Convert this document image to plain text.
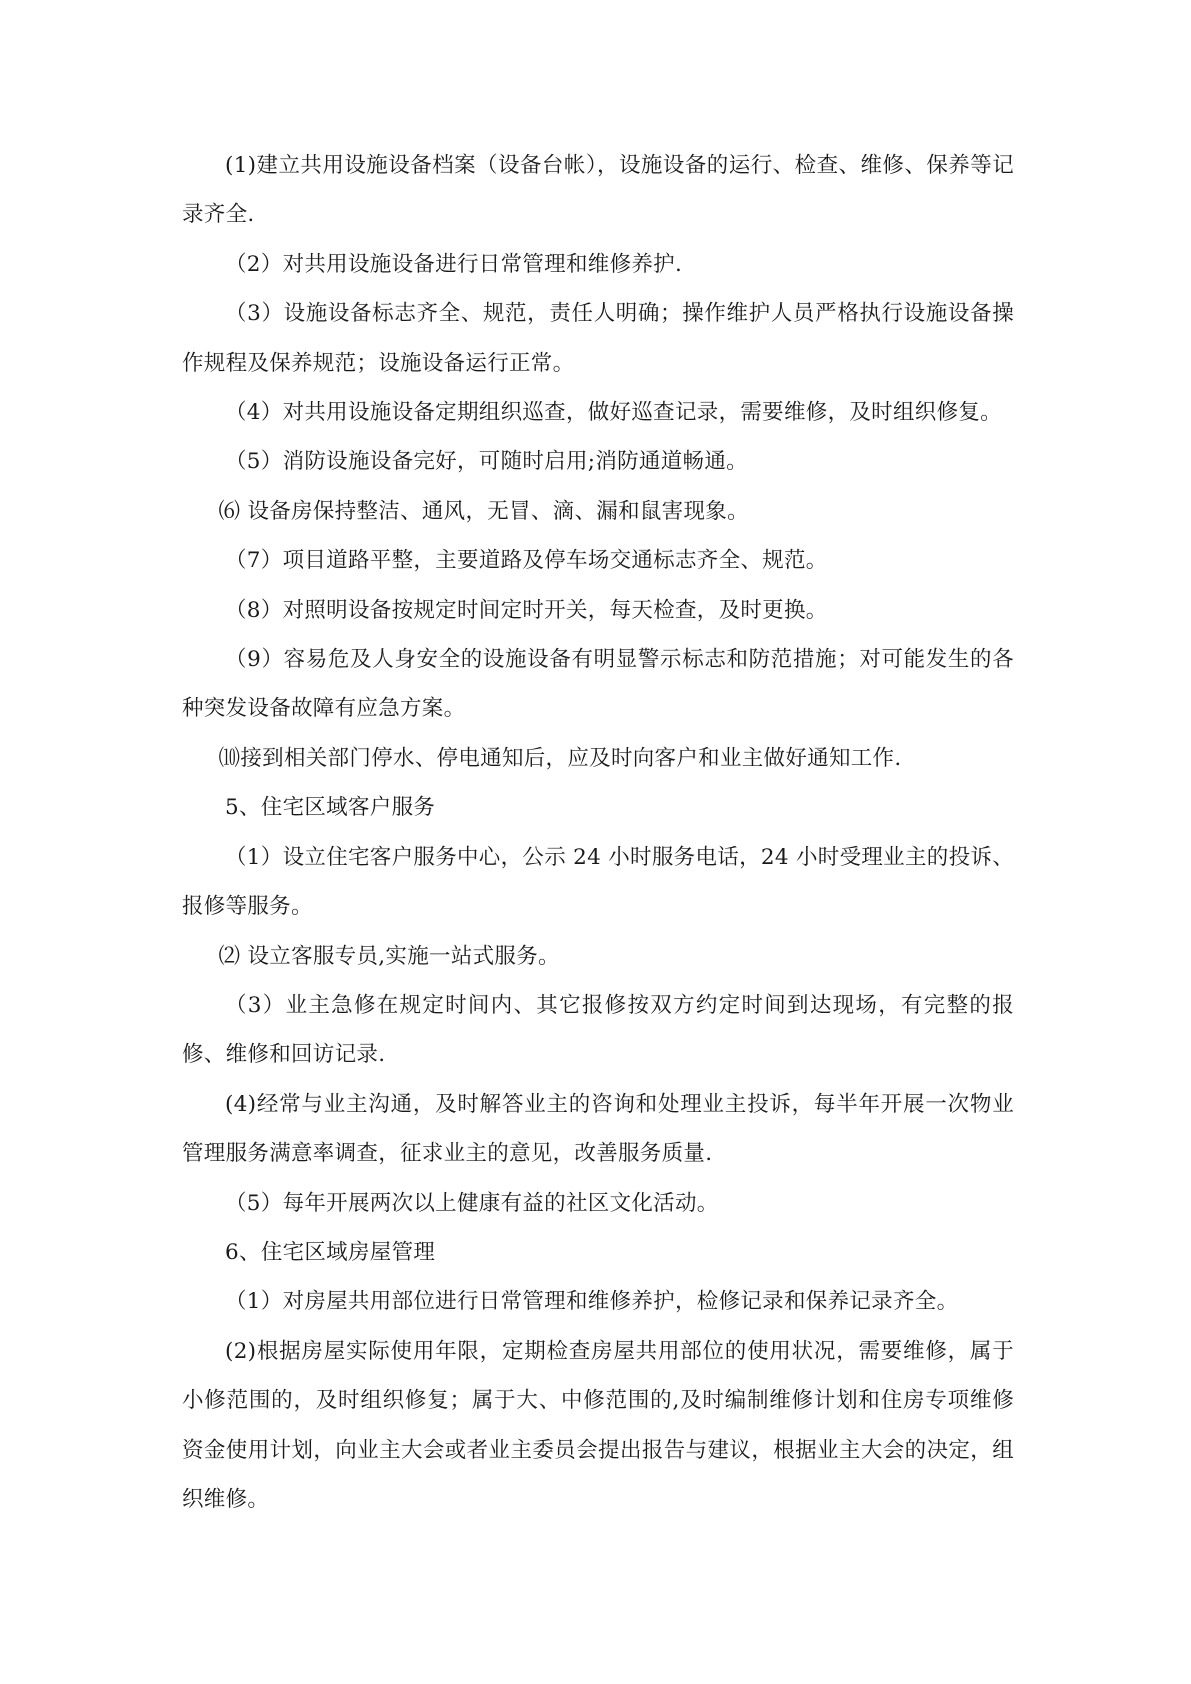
(1)建立共用设施设备档案（设备台帐），设施设备的运行、检查、维修、保养等记录齐全.

（2）对共用设施设备进行日常管理和维修养护.

（3）设施设备标志齐全、规范，责任人明确；操作维护人员严格执行设施设备操作规程及保养规范；设施设备运行正常。

（4）对共用设施设备定期组织巡查，做好巡查记录，需要维修，及时组织修复。

（5）消防设施设备完好，可随时启用;消防通道畅通。

⑹ 设备房保持整洁、通风，无冒、滴、漏和鼠害现象。

（7）项目道路平整，主要道路及停车场交通标志齐全、规范。

（8）对照明设备按规定时间定时开关，每天检查，及时更换。

（9）容易危及人身安全的设施设备有明显警示标志和防范措施；对可能发生的各种突发设备故障有应急方案。

⑽接到相关部门停水、停电通知后，应及时向客户和业主做好通知工作.

5、住宅区域客户服务

（1）设立住宅客户服务中心，公示 24 小时服务电话，24 小时受理业主的投诉、报修等服务。

⑵ 设立客服专员,实施一站式服务。

（3）业主急修在规定时间内、其它报修按双方约定时间到达现场，有完整的报修、维修和回访记录.

(4)经常与业主沟通，及时解答业主的咨询和处理业主投诉，每半年开展一次物业管理服务满意率调查，征求业主的意见，改善服务质量.

（5）每年开展两次以上健康有益的社区文化活动。

6、住宅区域房屋管理

（1）对房屋共用部位进行日常管理和维修养护，检修记录和保养记录齐全。

(2)根据房屋实际使用年限，定期检查房屋共用部位的使用状况，需要维修，属于小修范围的，及时组织修复；属于大、中修范围的,及时编制维修计划和住房专项维修资金使用计划，向业主大会或者业主委员会提出报告与建议，根据业主大会的决定，组织维修。
